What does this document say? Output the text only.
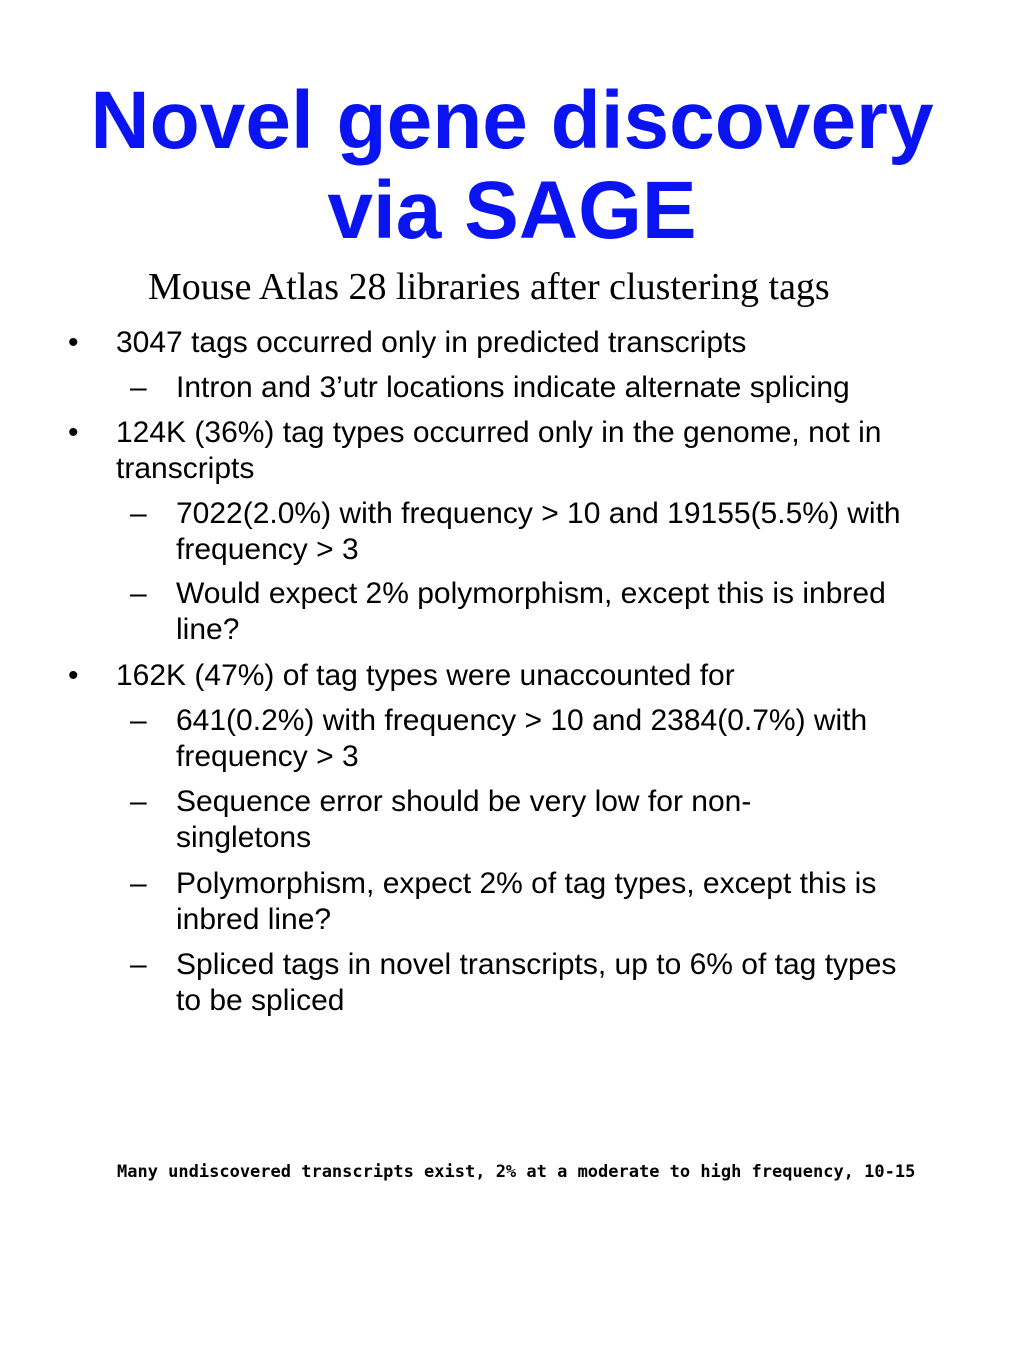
Novel gene discovery
via SAGE
Mouse Atlas 28 libraries after clustering tags
• 3047 tags occurred only in predicted transcripts
– Intron and 3’utr locations indicate alternate splicing
• 124K (36%) tag types occurred only in the genome, not in transcripts
– 7022(2.0%) with frequency > 10 and 19155(5.5%) with frequency > 3
– Would expect 2% polymorphism, except this is inbred line?
• 162K (47%) of tag types were unaccounted for
– 641(0.2%) with frequency > 10 and 2384(0.7%) with frequency > 3
– Sequence error should be very low for non-singletons
– Polymorphism, expect 2% of tag types, except this is inbred line?
– Spliced tags in novel transcripts, up to 6% of tag types to be spliced
Many undiscovered transcripts exist, 2% at a moderate to high frequency, 10-15
